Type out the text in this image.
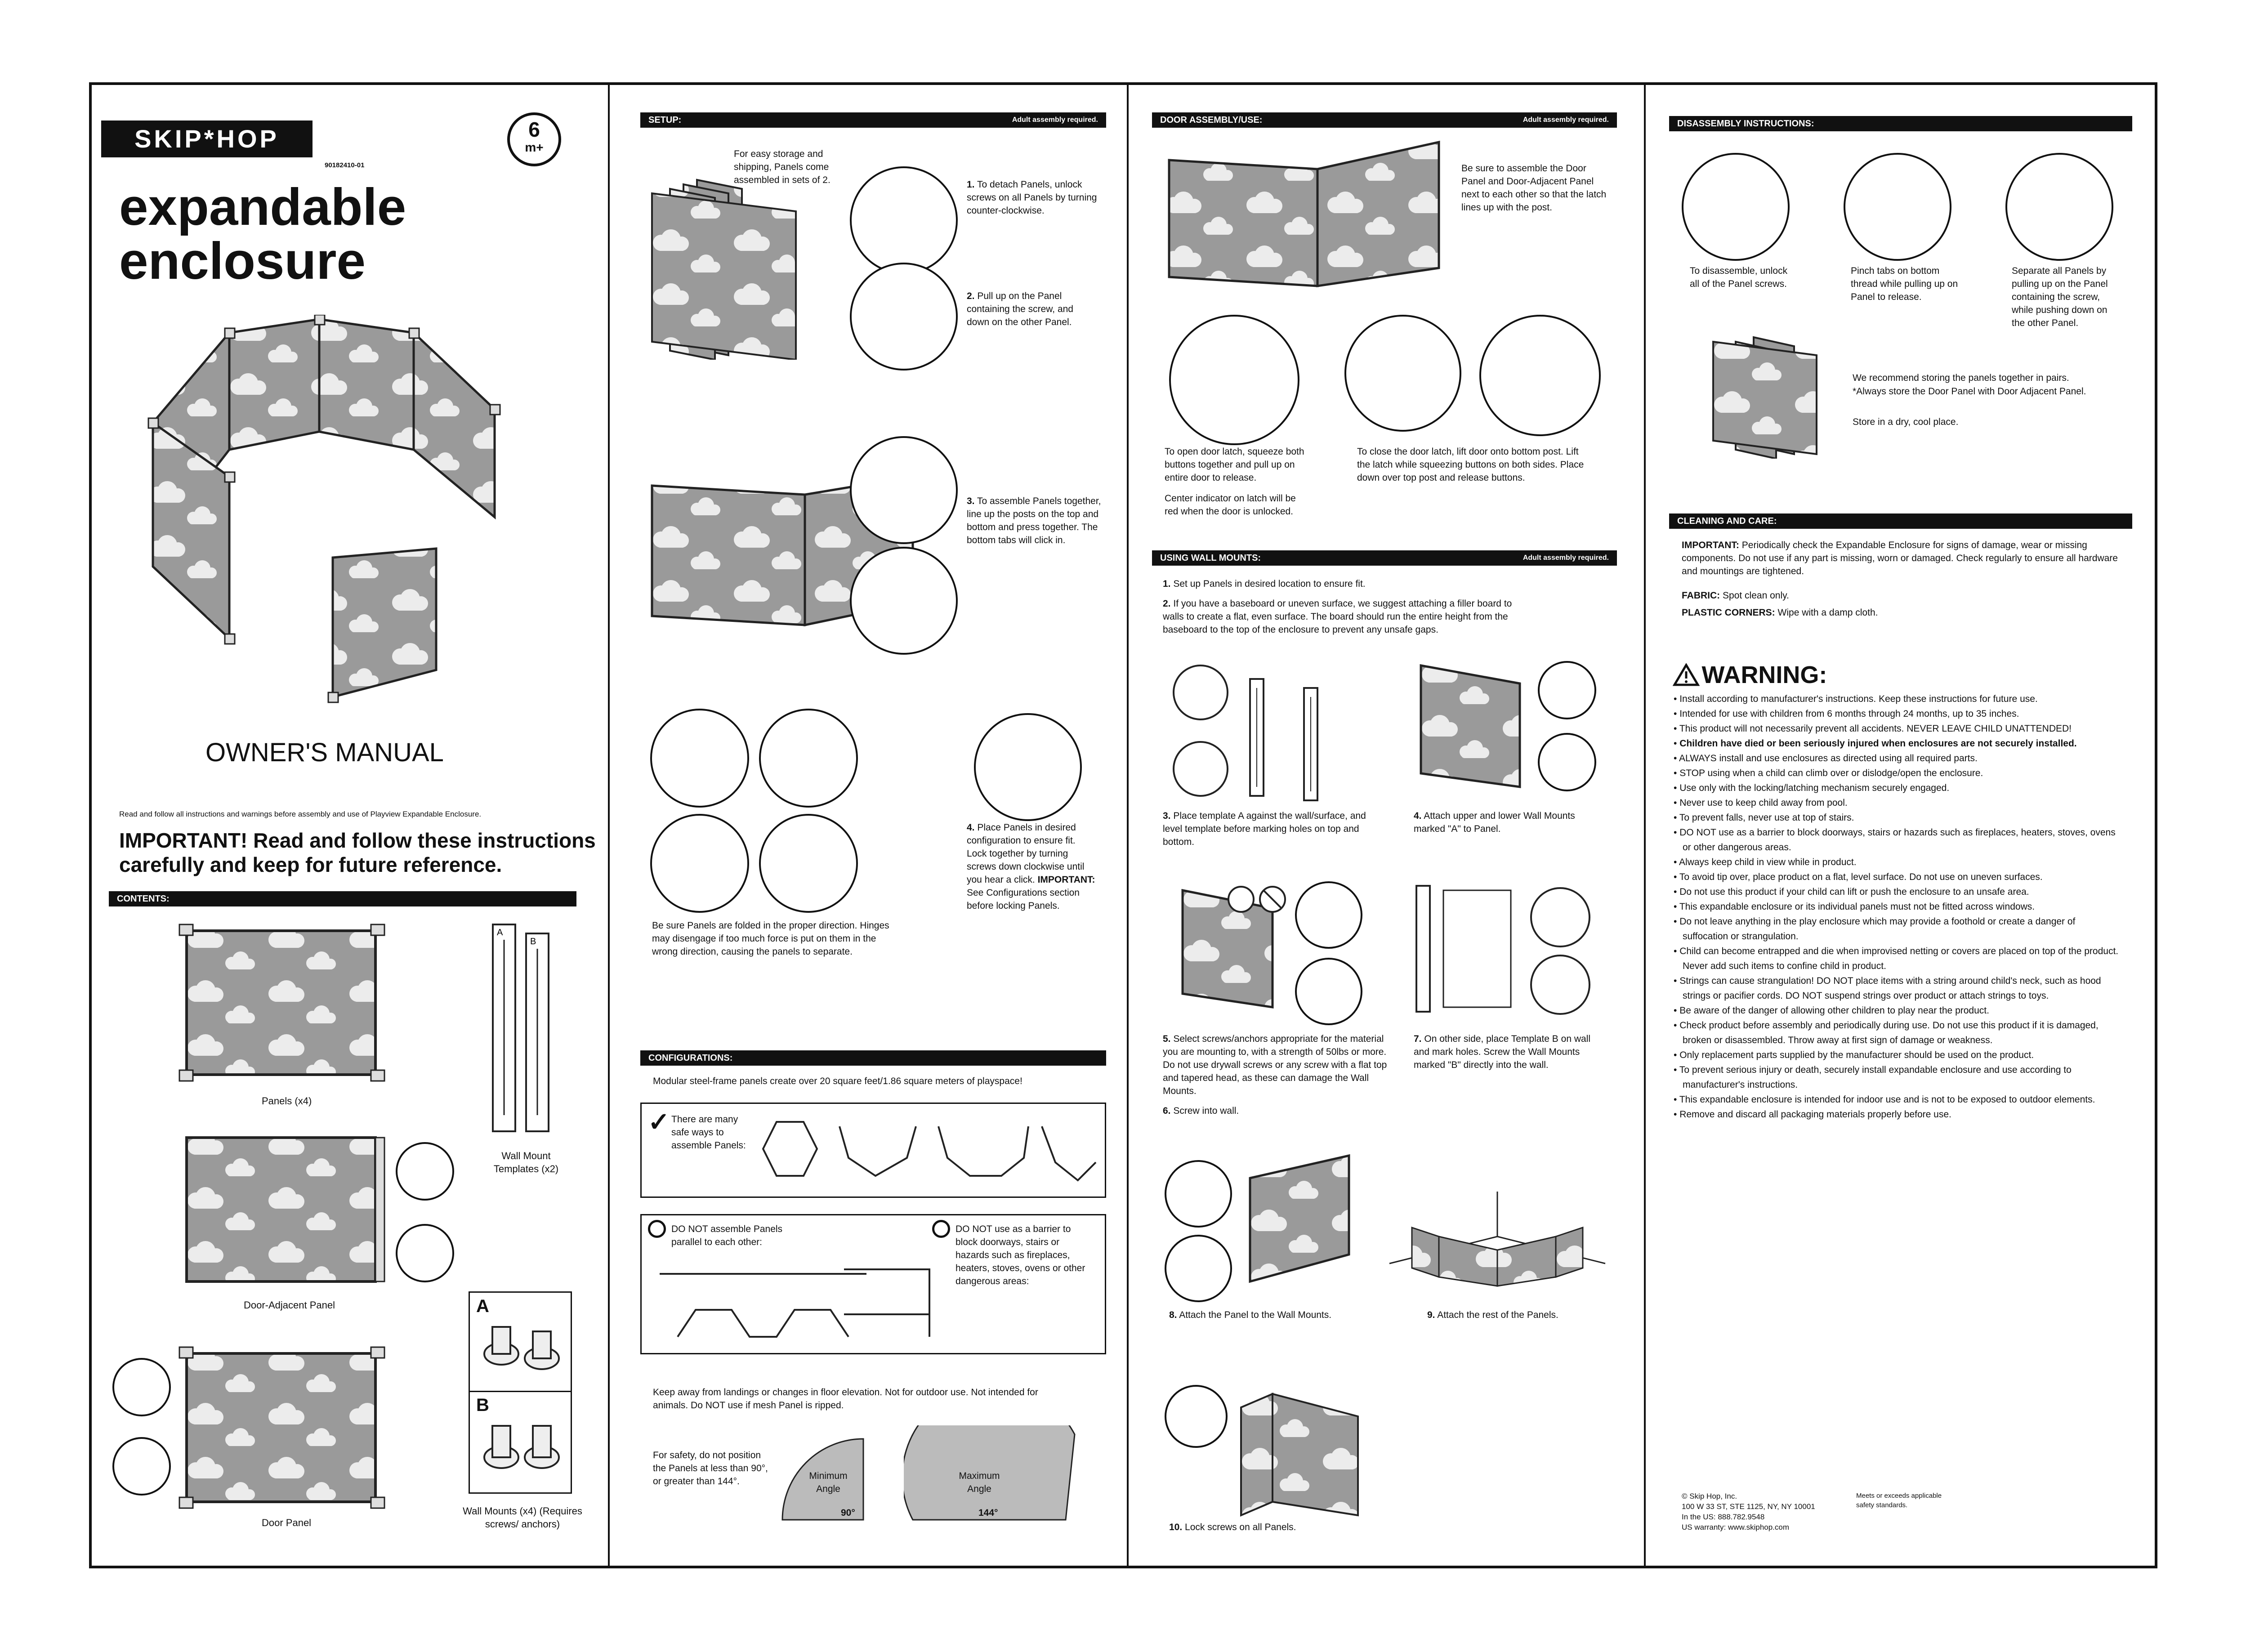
SKIP*HOP
90182410-01
6
m+
expandable
enclosure
OWNER'S MANUAL
Read and follow all instructions and warnings before assembly and use of Playview Expandable Enclosure.
IMPORTANT! Read and follow these instructions
carefully and keep for future reference.
CONTENTS:
Panels (x4)
A
B
Wall Mount Templates (x2)
Door-Adjacent Panel	A
B
Door Panel
Wall Mounts (x4) (Requires screws/ anchors)
SETUP:	Adult assembly required.
For easy storage and shipping, Panels come assembled in sets of 2.	1. To detach Panels, unlock screws on all Panels by turning counter-clockwise.
2. Pull up on the Panel containing the screw, and down on the other Panel.
3. To assemble Panels together, line up the posts on the top and bottom and press together. The bottom tabs will click in.
Be sure Panels are folded in the proper direction. Hinges may disengage if too much force is put on them in the wrong direction, causing the panels to separate.
4. Place Panels in desired configuration to ensure fit. Lock together by turning screws down clockwise until you hear a click. IMPORTANT: See Configurations section before locking Panels.
CONFIGURATIONS:
Modular steel-frame panels create over 20 square feet/1.86 square meters of playspace!
✓ There are many safe ways to assemble Panels:
DO NOT assemble Panels parallel to each other:
DO NOT use as a barrier to block doorways, stairs or hazards such as fireplaces, heaters, stoves, ovens or other dangerous areas:
Keep away from landings or changes in floor elevation. Not for outdoor use. Not intended for animals. Do NOT use if mesh Panel is ripped.
For safety, do not position the Panels at less than 90°, or greater than 144°.
Minimum Angle
90°
Maximum Angle
144°
DOOR ASSEMBLY/USE:	Adult assembly required.
Be sure to assemble the Door Panel and Door-Adjacent Panel next to each other so that the latch lines up with the post.
To open door latch, squeeze both buttons together and pull up on entire door to release.
Center indicator on latch will be red when the door is unlocked.
To close the door latch, lift door onto bottom post. Lift the latch while squeezing buttons on both sides. Place down over top post and release buttons.
USING WALL MOUNTS:	Adult assembly required.
1. Set up Panels in desired location to ensure fit.
2. If you have a baseboard or uneven surface, we suggest attaching a filler board to walls to create a flat, even surface. The board should run the entire height from the baseboard to the top of the enclosure to prevent any unsafe gaps.
3. Place template A against the wall/surface, and level template before marking holes on top and bottom.
4. Attach upper and lower Wall Mounts marked "A" to Panel.
5. Select screws/anchors appropriate for the material you are mounting to, with a strength of 50lbs or more. Do not use drywall screws or any screw with a flat top and tapered head, as these can damage the Wall Mounts.
6. Screw into wall.
7. On other side, place Template B on wall and mark holes. Screw the Wall Mounts marked "B" directly into the wall.
8. Attach the Panel to the Wall Mounts.	9. Attach the rest of the Panels.
10. Lock screws on all Panels.
DISASSEMBLY INSTRUCTIONS:
To disassemble, unlock all of the Panel screws.
Pinch tabs on bottom thread while pulling up on Panel to release.
Separate all Panels by pulling up on the Panel containing the screw, while pushing down on the other Panel.
We recommend storing the panels together in pairs.
*Always store the Door Panel with Door Adjacent Panel.
Store in a dry, cool place.
CLEANING AND CARE:
IMPORTANT: Periodically check the Expandable Enclosure for signs of damage, wear or missing components. Do not use if any part is missing, worn or damaged. Check regularly to ensure all hardware and mountings are tightened.
FABRIC: Spot clean only.
PLASTIC CORNERS: Wipe with a damp cloth.
WARNING:
• Install according to manufacturer's instructions. Keep these instructions for future use.
• Intended for use with children from 6 months through 24 months, up to 35 inches.
• This product will not necessarily prevent all accidents. NEVER LEAVE CHILD UNATTENDED!
• Children have died or been seriously injured when enclosures are not securely installed.
• ALWAYS install and use enclosures as directed using all required parts.
• STOP using when a child can climb over or dislodge/open the enclosure.
• Use only with the locking/latching mechanism securely engaged.
• Never use to keep child away from pool.
• To prevent falls, never use at top of stairs.
• DO NOT use as a barrier to block doorways, stairs or hazards such as fireplaces, heaters, stoves, ovens or other dangerous areas.
• Always keep child in view while in product.
• To avoid tip over, place product on a flat, level surface. Do not use on uneven surfaces.
• Do not use this product if your child can lift or push the enclosure to an unsafe area.
• This expandable enclosure or its individual panels must not be fitted across windows.
• Do not leave anything in the play enclosure which may provide a foothold or create a danger of suffocation or strangulation.
• Child can become entrapped and die when improvised netting or covers are placed on top of the product. Never add such items to confine child in product.
• Strings can cause strangulation! DO NOT place items with a string around child's neck, such as hood strings or pacifier cords. DO NOT suspend strings over product or attach strings to toys.
• Be aware of the danger of allowing other children to play near the product.
• Check product before assembly and periodically during use. Do not use this product if it is damaged, broken or disassembled. Throw away at first sign of damage or weakness.
• Only replacement parts supplied by the manufacturer should be used on the product.
• To prevent serious injury or death, securely install expandable enclosure and use according to manufacturer's instructions.
• This expandable enclosure is intended for indoor use and is not to be exposed to outdoor elements.
• Remove and discard all packaging materials properly before use.
© Skip Hop, Inc.
100 W 33 ST, STE 1125, NY, NY 10001
In the US: 888.782.9548
US warranty: www.skiphop.com
Meets or exceeds applicable safety standards.
